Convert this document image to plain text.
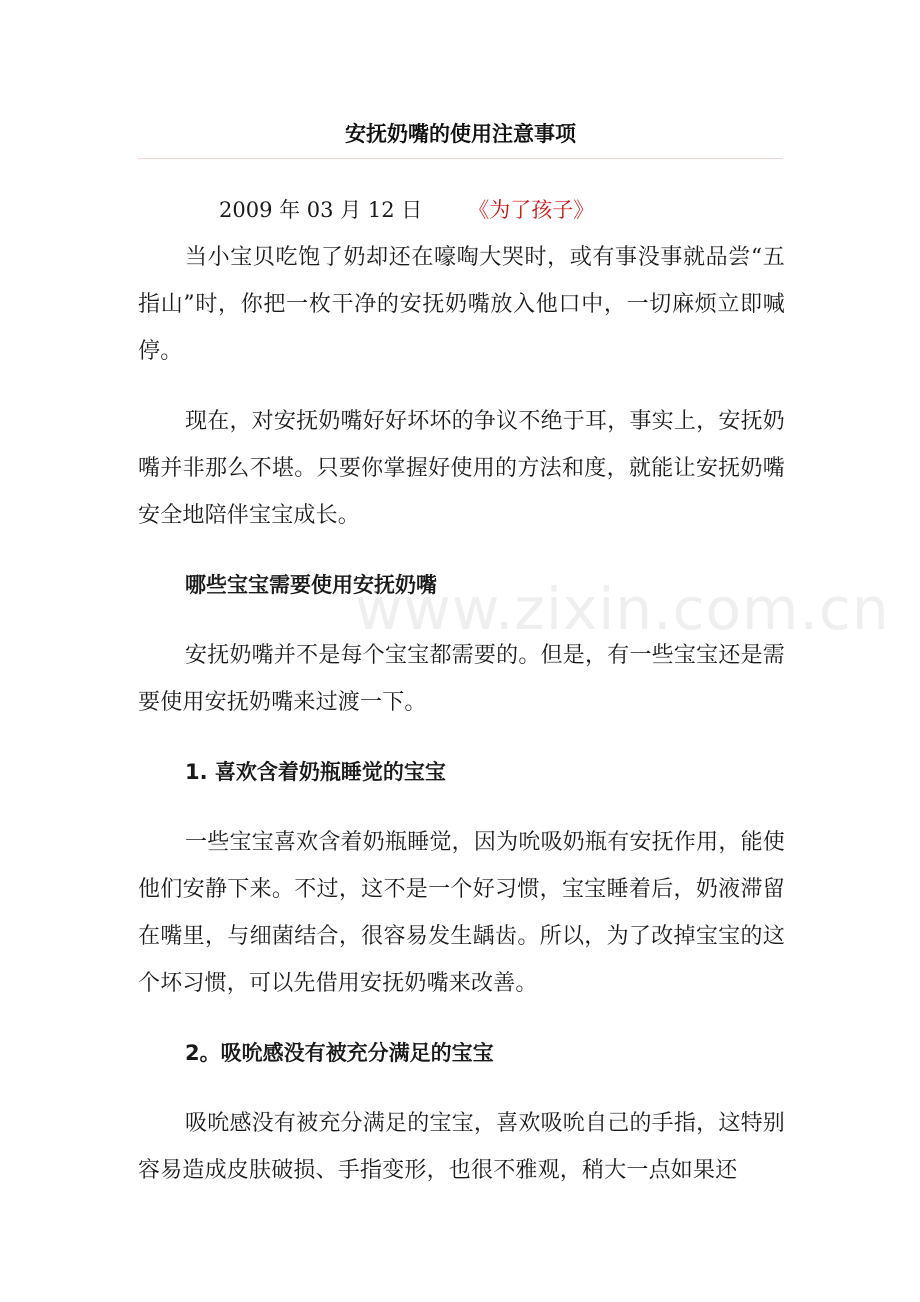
www.zixin.com.cn
安抚奶嘴的使用注意事项
2009 年 03 月 12 日 《为了孩子》

当小宝贝吃饱了奶却还在嚎啕大哭时，或有事没事就品尝“五指山”时，你把一枚干净的安抚奶嘴放入他口中，一切麻烦立即喊停。

现在，对安抚奶嘴好好坏坏的争议不绝于耳，事实上，安抚奶嘴并非那么不堪。只要你掌握好使用的方法和度，就能让安抚奶嘴安全地陪伴宝宝成长。

哪些宝宝需要使用安抚奶嘴

安抚奶嘴并不是每个宝宝都需要的。但是，有一些宝宝还是需要使用安抚奶嘴来过渡一下。

1. 喜欢含着奶瓶睡觉的宝宝

一些宝宝喜欢含着奶瓶睡觉，因为吮吸奶瓶有安抚作用，能使他们安静下来。不过，这不是一个好习惯，宝宝睡着后，奶液滞留在嘴里，与细菌结合，很容易发生龋齿。所以，为了改掉宝宝的这个坏习惯，可以先借用安抚奶嘴来改善。

2。吸吮感没有被充分满足的宝宝

吸吮感没有被充分满足的宝宝，喜欢吸吮自己的手指，这特别容易造成皮肤破损、手指变形，也很不雅观，稍大一点如果还
